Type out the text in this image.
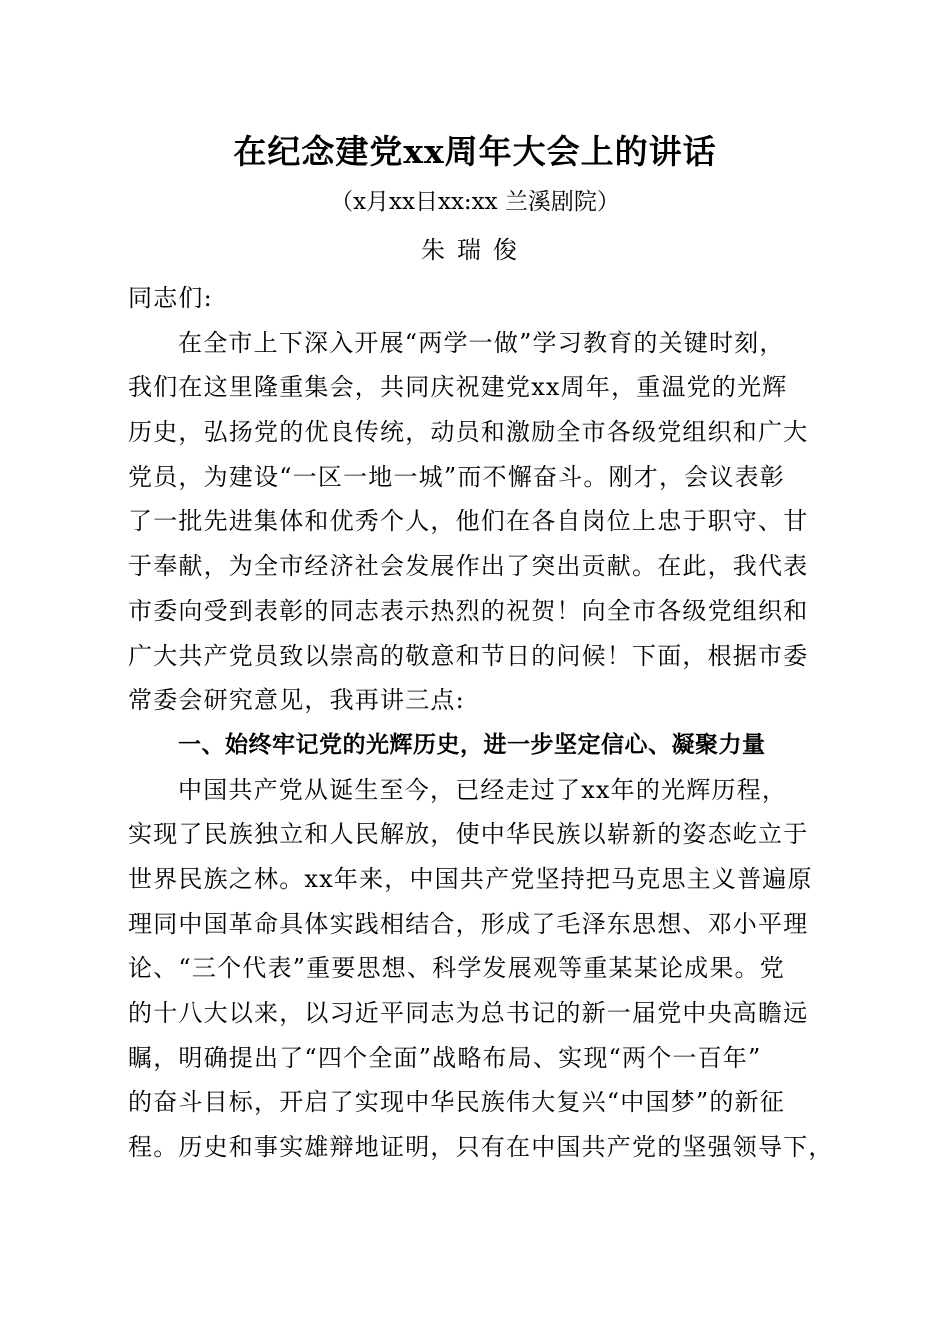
在纪念建党xx周年大会上的讲话
（x月xx日xx:xx 兰溪剧院）
朱瑞俊
同志们:
在全市上下深入开展“两学一做”学习教育的关键时刻，
我们在这里隆重集会，共同庆祝建党xx周年，重温党的光辉
历史，弘扬党的优良传统，动员和激励全市各级党组织和广大
党员，为建设“一区一地一城”而不懈奋斗。刚才，会议表彰
了一批先进集体和优秀个人，他们在各自岗位上忠于职守、甘
于奉献，为全市经济社会发展作出了突出贡献。在此，我代表
市委向受到表彰的同志表示热烈的祝贺！向全市各级党组织和
广大共产党员致以崇高的敬意和节日的问候！下面，根据市委
常委会研究意见，我再讲三点:
一、始终牢记党的光辉历史，进一步坚定信心、凝聚力量
中国共产党从诞生至今，已经走过了xx年的光辉历程，
实现了民族独立和人民解放，使中华民族以崭新的姿态屹立于
世界民族之林。xx年来，中国共产党坚持把马克思主义普遍原
理同中国革命具体实践相结合，形成了毛泽东思想、邓小平理
论、“三个代表”重要思想、科学发展观等重某某论成果。党
的十八大以来，以习近平同志为总书记的新一届党中央高瞻远
瞩，明确提出了“四个全面”战略布局、实现“两个一百年”
的奋斗目标，开启了实现中华民族伟大复兴“中国梦”的新征
程。历史和事实雄辩地证明，只有在中国共产党的坚强领导下，
